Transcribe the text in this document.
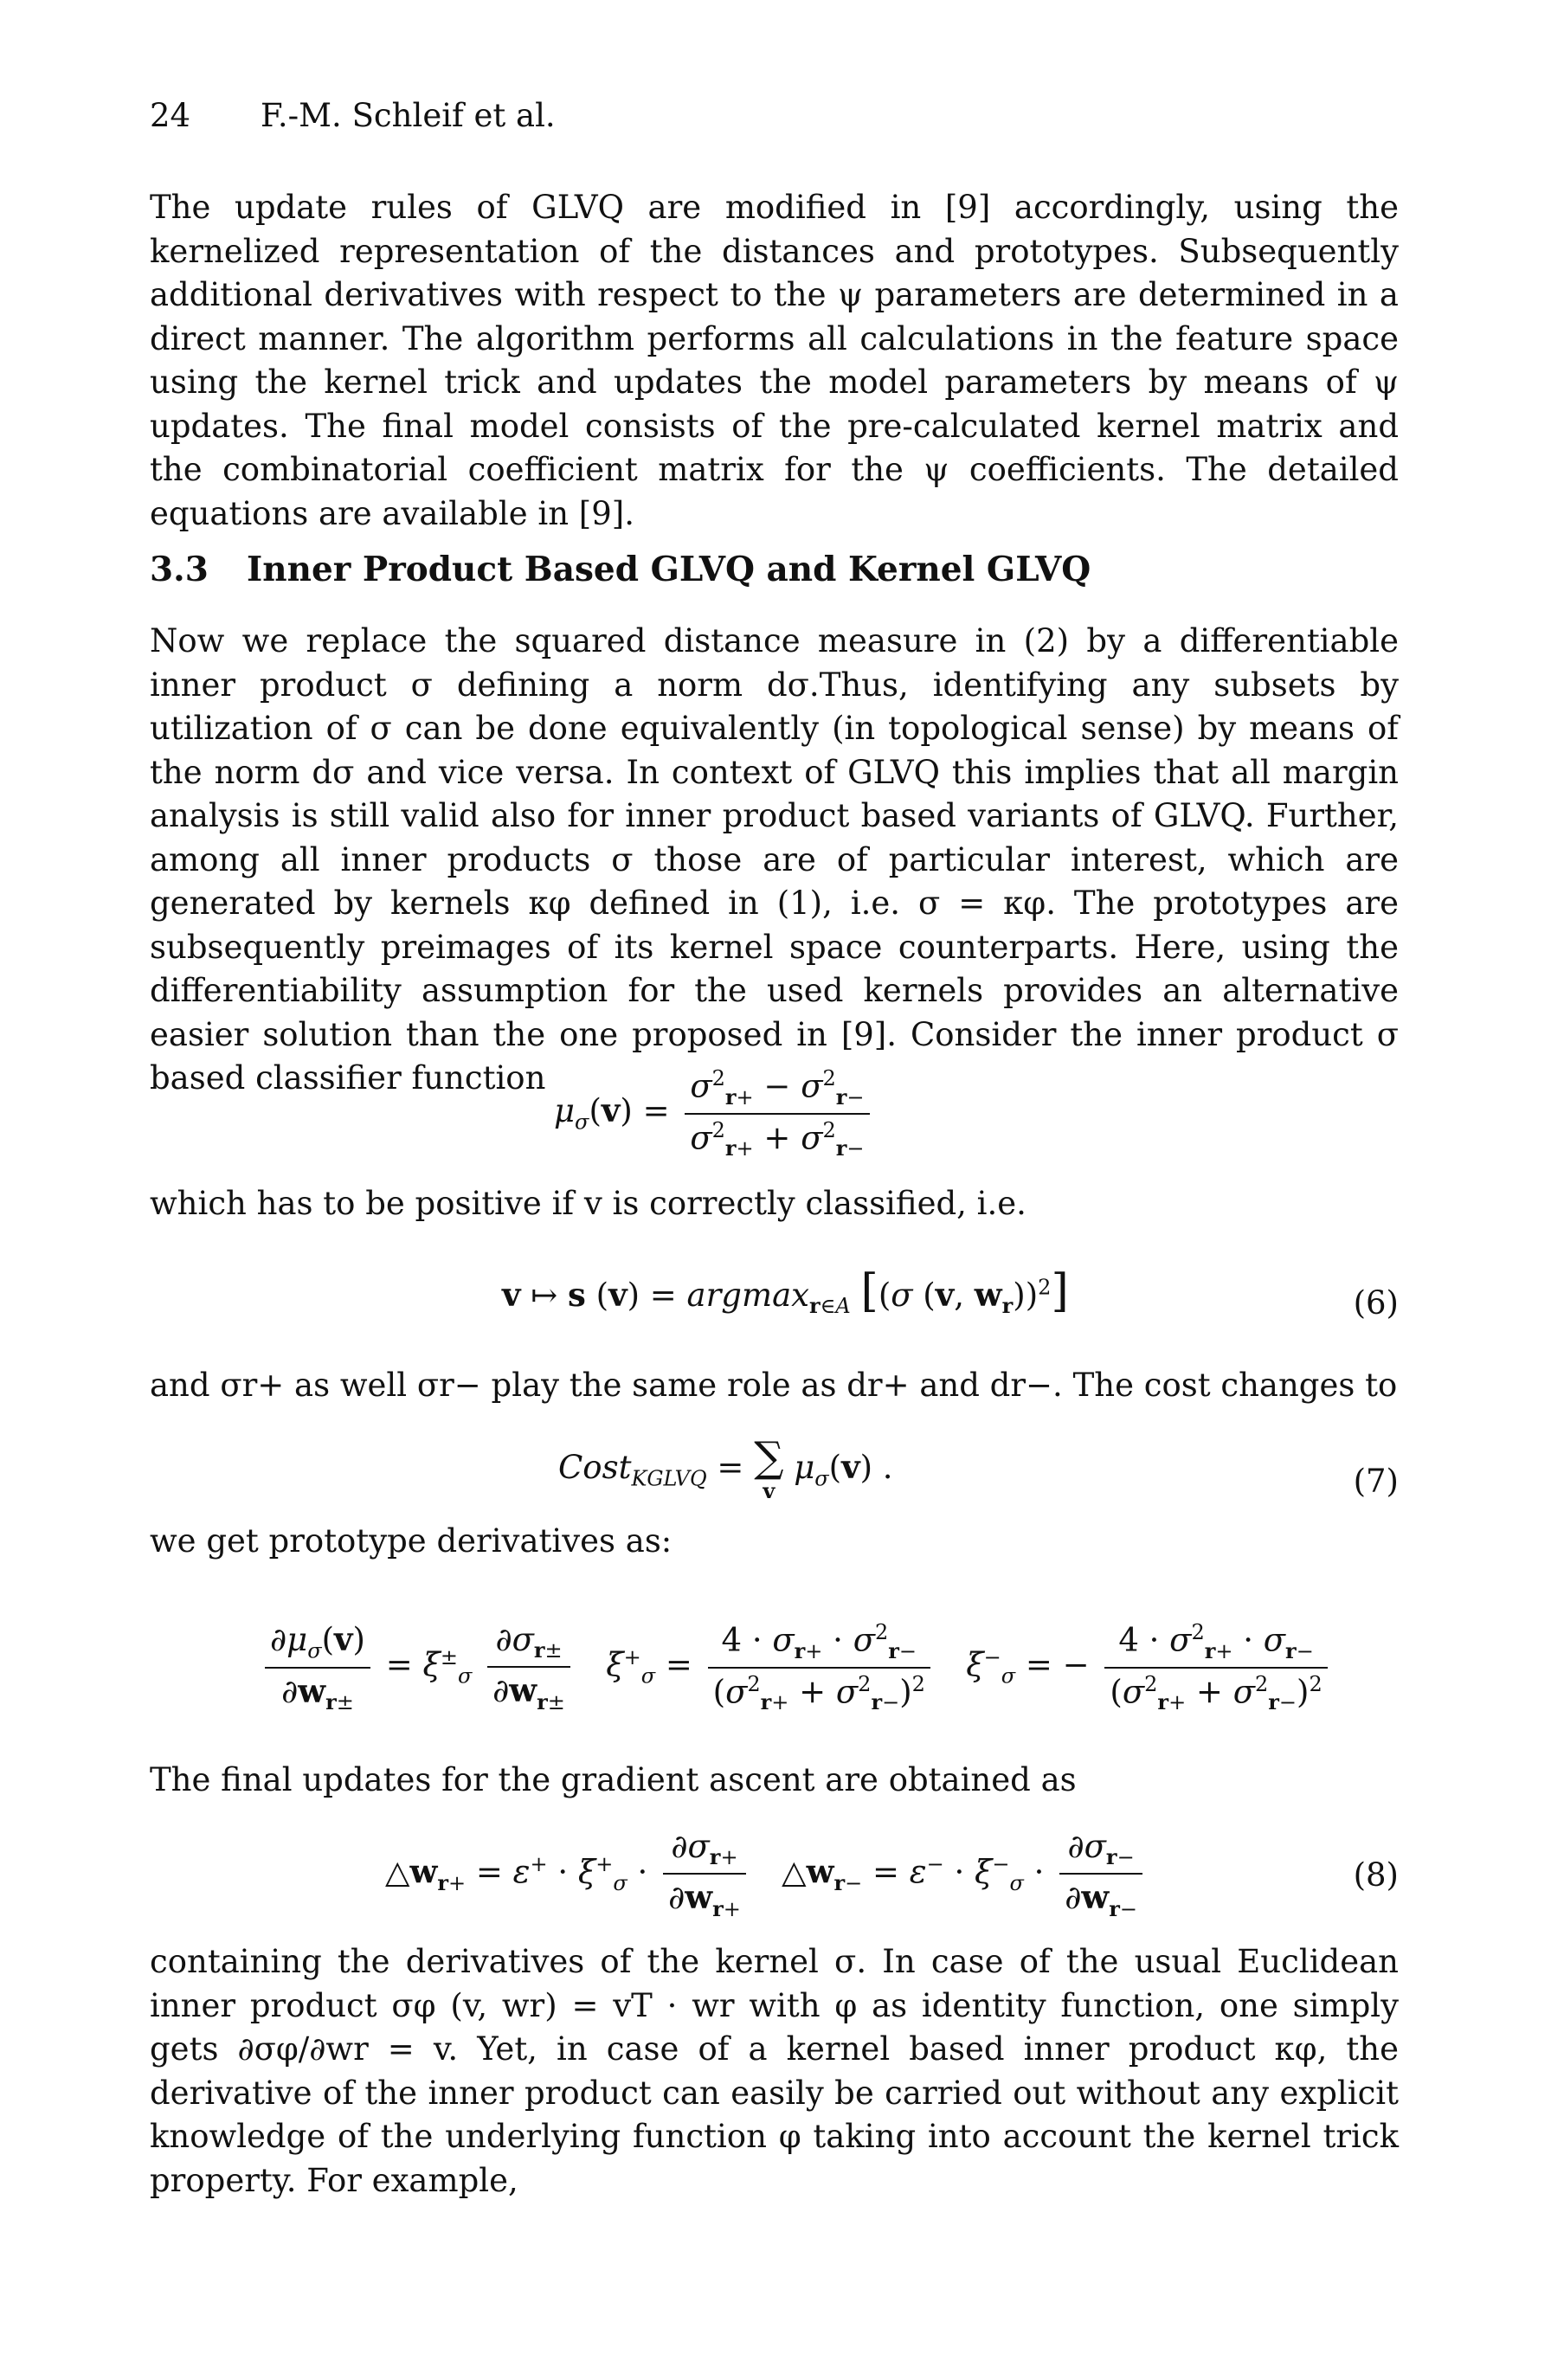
24 F.-M. Schleif et al.

The update rules of GLVQ are modified in [9] accordingly, using the kernelized representation of the distances and prototypes. Subsequently additional derivatives with respect to the ψ parameters are determined in a direct manner. The algorithm performs all calculations in the feature space using the kernel trick and updates the model parameters by means of ψ updates. The final model consists of the pre-calculated kernel matrix and the combinatorial coefficient matrix for the ψ coefficients. The detailed equations are available in [9].

3.3 Inner Product Based GLVQ and Kernel GLVQ

Now we replace the squared distance measure in (2) by a differentiable inner product σ defining a norm dσ.Thus, identifying any subsets by utilization of σ can be done equivalently (in topological sense) by means of the norm dσ and vice versa. In context of GLVQ this implies that all margin analysis is still valid also for inner product based variants of GLVQ. Further, among all inner products σ those are of particular interest, which are generated by kernels κφ defined in (1), i.e. σ = κφ. The prototypes are subsequently preimages of its kernel space counterparts. Here, using the differentiability assumption for the used kernels provides an alternative easier solution than the one proposed in [9]. Consider the inner product σ based classifier function

$\mu_\sigma(v) = \frac{\sigma^2_{r+} - \sigma^2_{r-}}{\sigma^2_{r+} + \sigma^2_{r-}}$

which has to be positive if v is correctly classified, i.e.

v ↦ s (v) = argmax$_{r\in A}$ [(σ (v, $w_r))^2$]	(6)

and σr+ as well σr− play the same role as dr+ and dr−. The cost changes to

Cost$_{KGLVQ}$ = ∑
v
$\mu_\sigma(v)$ .	(7)

we get prototype derivatives as:

$\frac{\partial\mu_\sigma(v)}{\partial w_{r\pm}} = \xi^\pm_\sigma \frac{\partial\sigma_{r\pm}}{\partial w_{r\pm}} \xi^+_\sigma = \frac{4 \cdot \sigma_{r+} \cdot \sigma^2_{r-}}{(\sigma^2_{r+} + \sigma^2_{r-})^2} \xi^-_\sigma$ = − $\frac{4 \cdot \sigma^2_{r+} \cdot \sigma_{r-}}{(\sigma^2_{r+} + \sigma^2_{r-})^2}$

The final updates for the gradient ascent are obtained as

$\triangle w_{r+} = \varepsilon^+ \cdot \xi^+_\sigma \cdot \frac{\partial\sigma_{r+}}{\partial w_{r+}}$ $\triangle w_{r-} = \varepsilon^- \cdot \xi^-_\sigma \cdot \frac{\partial\sigma_{r-}}{\partial w_{r-}}$	(8)

containing the derivatives of the kernel σ. In case of the usual Euclidean inner product σφ (v, wr) = vT · wr with φ as identity function, one simply gets ∂σφ/∂wr = v. Yet, in case of a kernel based inner product κφ, the derivative of the inner product can easily be carried out without any explicit knowledge of the underlying function φ taking into account the kernel trick property. For example,
